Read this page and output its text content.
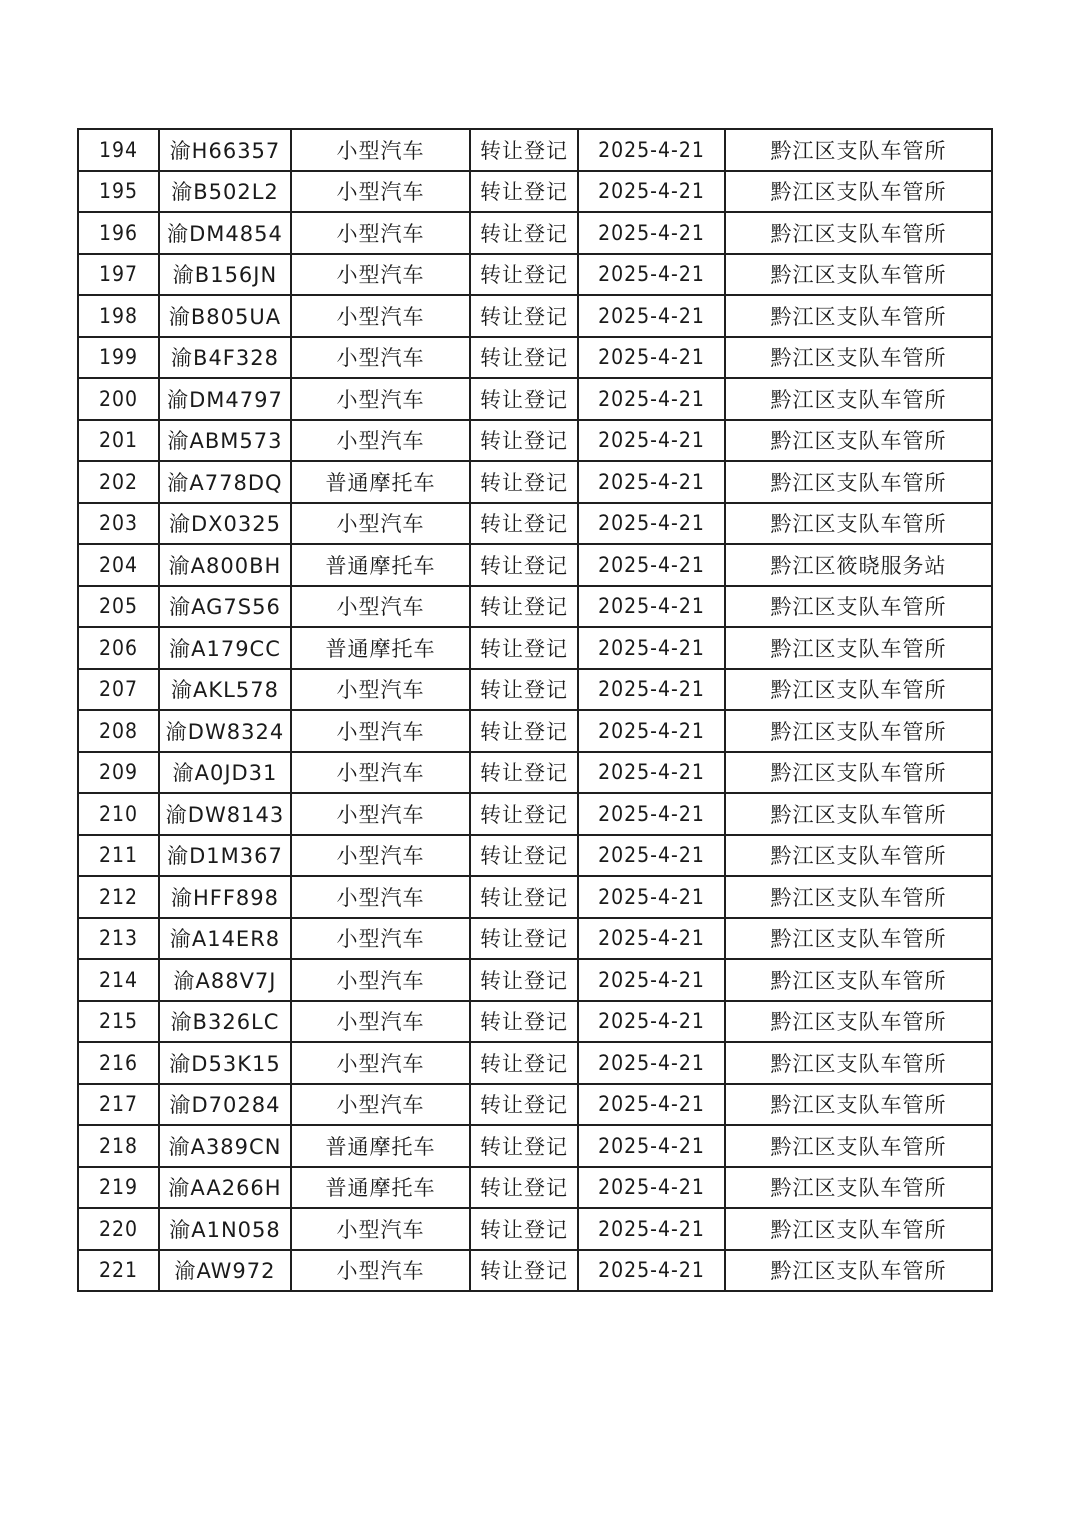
194	渝H66357	小型汽车	转让登记	2025-4-21	黔江区支队车管所
195	渝B502L2	小型汽车	转让登记	2025-4-21	黔江区支队车管所
196	渝DM4854	小型汽车	转让登记	2025-4-21	黔江区支队车管所
197	渝B156JN	小型汽车	转让登记	2025-4-21	黔江区支队车管所
198	渝B805UA	小型汽车	转让登记	2025-4-21	黔江区支队车管所
199	渝B4F328	小型汽车	转让登记	2025-4-21	黔江区支队车管所
200	渝DM4797	小型汽车	转让登记	2025-4-21	黔江区支队车管所
201	渝ABM573	小型汽车	转让登记	2025-4-21	黔江区支队车管所
202	渝A778DQ	普通摩托车	转让登记	2025-4-21	黔江区支队车管所
203	渝DX0325	小型汽车	转让登记	2025-4-21	黔江区支队车管所
204	渝A800BH	普通摩托车	转让登记	2025-4-21	黔江区筱晓服务站
205	渝AG7S56	小型汽车	转让登记	2025-4-21	黔江区支队车管所
206	渝A179CC	普通摩托车	转让登记	2025-4-21	黔江区支队车管所
207	渝AKL578	小型汽车	转让登记	2025-4-21	黔江区支队车管所
208	渝DW8324	小型汽车	转让登记	2025-4-21	黔江区支队车管所
209	渝A0JD31	小型汽车	转让登记	2025-4-21	黔江区支队车管所
210	渝DW8143	小型汽车	转让登记	2025-4-21	黔江区支队车管所
211	渝D1M367	小型汽车	转让登记	2025-4-21	黔江区支队车管所
212	渝HFF898	小型汽车	转让登记	2025-4-21	黔江区支队车管所
213	渝A14ER8	小型汽车	转让登记	2025-4-21	黔江区支队车管所
214	渝A88V7J	小型汽车	转让登记	2025-4-21	黔江区支队车管所
215	渝B326LC	小型汽车	转让登记	2025-4-21	黔江区支队车管所
216	渝D53K15	小型汽车	转让登记	2025-4-21	黔江区支队车管所
217	渝D70284	小型汽车	转让登记	2025-4-21	黔江区支队车管所
218	渝A389CN	普通摩托车	转让登记	2025-4-21	黔江区支队车管所
219	渝AA266H	普通摩托车	转让登记	2025-4-21	黔江区支队车管所
220	渝A1N058	小型汽车	转让登记	2025-4-21	黔江区支队车管所
221	渝AW972	小型汽车	转让登记	2025-4-21	黔江区支队车管所
